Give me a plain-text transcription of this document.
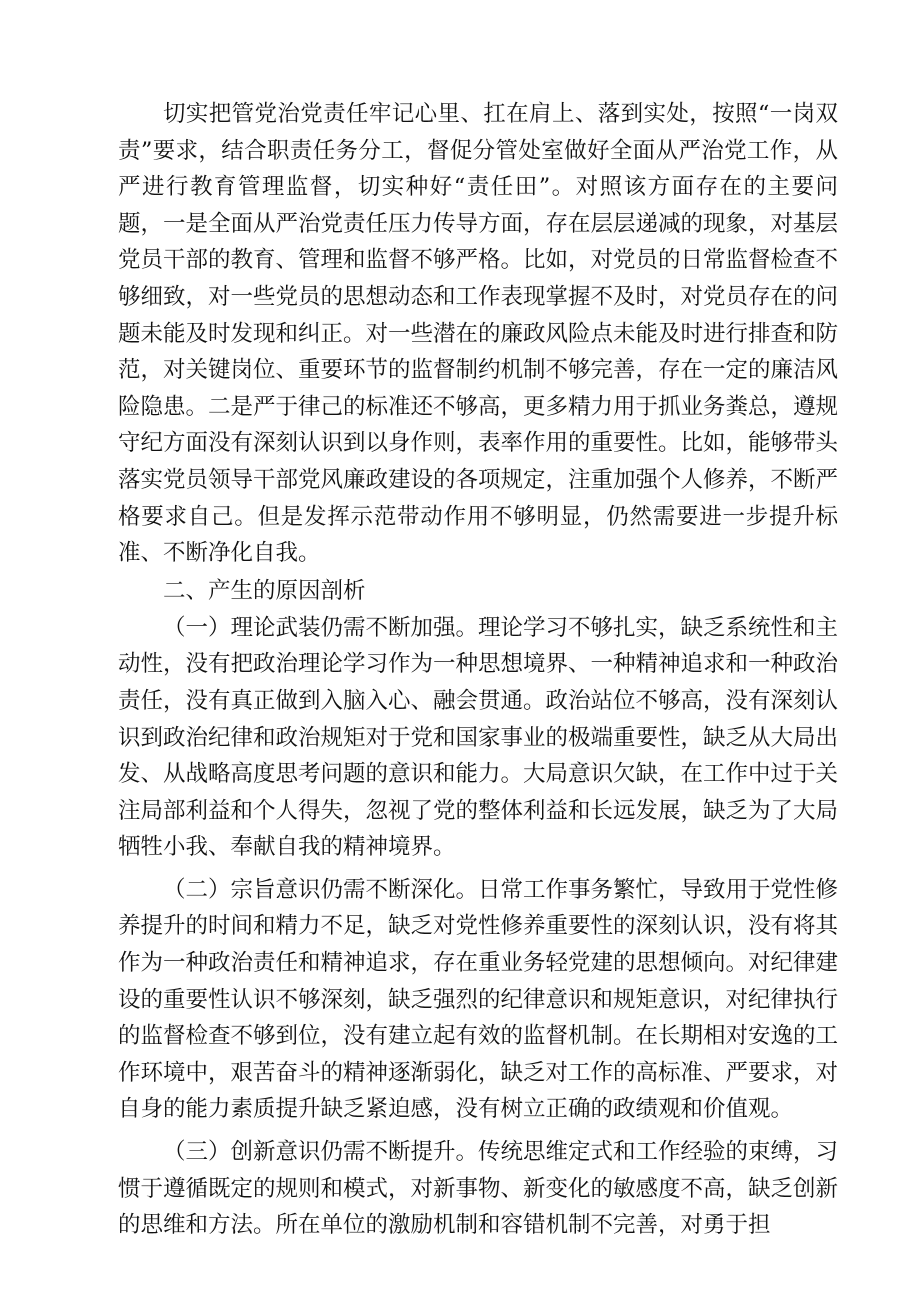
切实把管党治党责任牢记心里、扛在肩上、落到实处，按照“一岗双责”要求，结合职责任务分工，督促分管处室做好全面从严治党工作，从严进行教育管理监督，切实种好“责任田”。对照该方面存在的主要问题，一是全面从严治党责任压力传导方面，存在层层递减的现象，对基层党员干部的教育、管理和监督不够严格。比如，对党员的日常监督检查不够细致，对一些党员的思想动态和工作表现掌握不及时，对党员存在的问题未能及时发现和纠正。对一些潜在的廉政风险点未能及时进行排查和防范，对关键岗位、重要环节的监督制约机制不够完善，存在一定的廉洁风险隐患。二是严于律己的标准还不够高，更多精力用于抓业务粪总，遵规守纪方面没有深刻认识到以身作则，表率作用的重要性。比如，能够带头落实党员领导干部党风廉政建设的各项规定，注重加强个人修养，不断严格要求自己。但是发挥示范带动作用不够明显，仍然需要进一步提升标准、不断净化自我。

二、产生的原因剖析

（一）理论武装仍需不断加强。理论学习不够扎实，缺乏系统性和主动性，没有把政治理论学习作为一种思想境界、一种精神追求和一种政治责任，没有真正做到入脑入心、融会贯通。政治站位不够高，没有深刻认识到政治纪律和政治规矩对于党和国家事业的极端重要性，缺乏从大局出发、从战略高度思考问题的意识和能力。大局意识欠缺，在工作中过于关注局部利益和个人得失，忽视了党的整体利益和长远发展，缺乏为了大局牺牲小我、奉献自我的精神境界。

（二）宗旨意识仍需不断深化。日常工作事务繁忙，导致用于党性修养提升的时间和精力不足，缺乏对党性修养重要性的深刻认识，没有将其作为一种政治责任和精神追求，存在重业务轻党建的思想倾向。对纪律建设的重要性认识不够深刻，缺乏强烈的纪律意识和规矩意识，对纪律执行的监督检查不够到位，没有建立起有效的监督机制。在长期相对安逸的工作环境中，艰苦奋斗的精神逐渐弱化，缺乏对工作的高标准、严要求，对自身的能力素质提升缺乏紧迫感，没有树立正确的政绩观和价值观。

（三）创新意识仍需不断提升。传统思维定式和工作经验的束缚，习惯于遵循既定的规则和模式，对新事物、新变化的敏感度不高，缺乏创新的思维和方法。所在单位的激励机制和容错机制不完善，对勇于担
